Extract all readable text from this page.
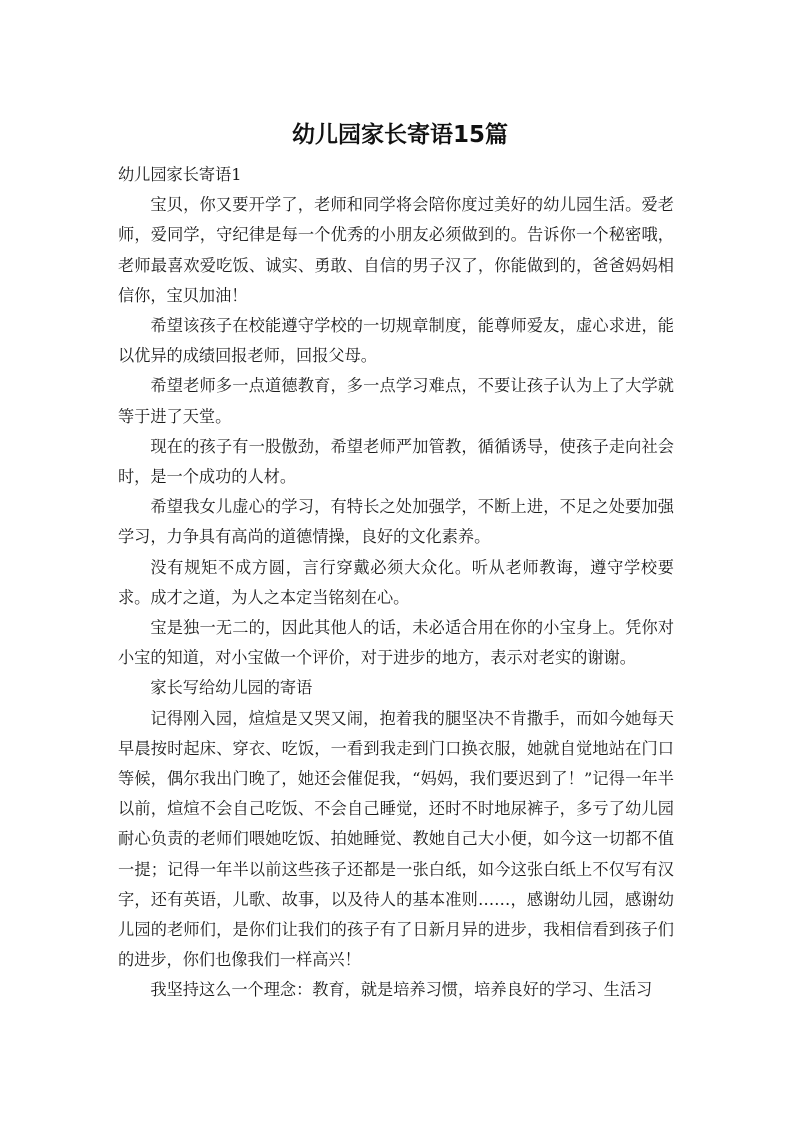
幼儿园家长寄语15篇

幼儿园家长寄语1

宝贝，你又要开学了，老师和同学将会陪你度过美好的幼儿园生活。爱老师，爱同学，守纪律是每一个优秀的小朋友必须做到的。告诉你一个秘密哦，老师最喜欢爱吃饭、诚实、勇敢、自信的男子汉了，你能做到的，爸爸妈妈相信你，宝贝加油！

希望该孩子在校能遵守学校的一切规章制度，能尊师爱友，虚心求进，能以优异的成绩回报老师，回报父母。

希望老师多一点道德教育，多一点学习难点，不要让孩子认为上了大学就等于进了天堂。

现在的孩子有一股傲劲，希望老师严加管教，循循诱导，使孩子走向社会时，是一个成功的人材。

希望我女儿虚心的学习，有特长之处加强学，不断上进，不足之处要加强学习，力争具有高尚的道德情操，良好的文化素养。

没有规矩不成方圆，言行穿戴必须大众化。听从老师教诲，遵守学校要求。成才之道，为人之本定当铭刻在心。

宝是独一无二的，因此其他人的话，未必适合用在你的小宝身上。凭你对小宝的知道，对小宝做一个评价，对于进步的地方，表示对老实的谢谢。

家长写给幼儿园的寄语

记得刚入园，煊煊是又哭又闹，抱着我的腿坚决不肯撒手，而如今她每天早晨按时起床、穿衣、吃饭，一看到我走到门口换衣服，她就自觉地站在门口等候，偶尔我出门晚了，她还会催促我，“妈妈，我们要迟到了！”记得一年半以前，煊煊不会自己吃饭、不会自己睡觉，还时不时地尿裤子，多亏了幼儿园耐心负责的老师们喂她吃饭、拍她睡觉、教她自己大小便，如今这一切都不值一提；记得一年半以前这些孩子还都是一张白纸，如今这张白纸上不仅写有汉字，还有英语，儿歌、故事，以及待人的基本准则……，感谢幼儿园，感谢幼儿园的老师们，是你们让我们的孩子有了日新月异的进步，我相信看到孩子们的进步，你们也像我们一样高兴！

我坚持这么一个理念：教育，就是培养习惯，培养良好的学习、生活习
